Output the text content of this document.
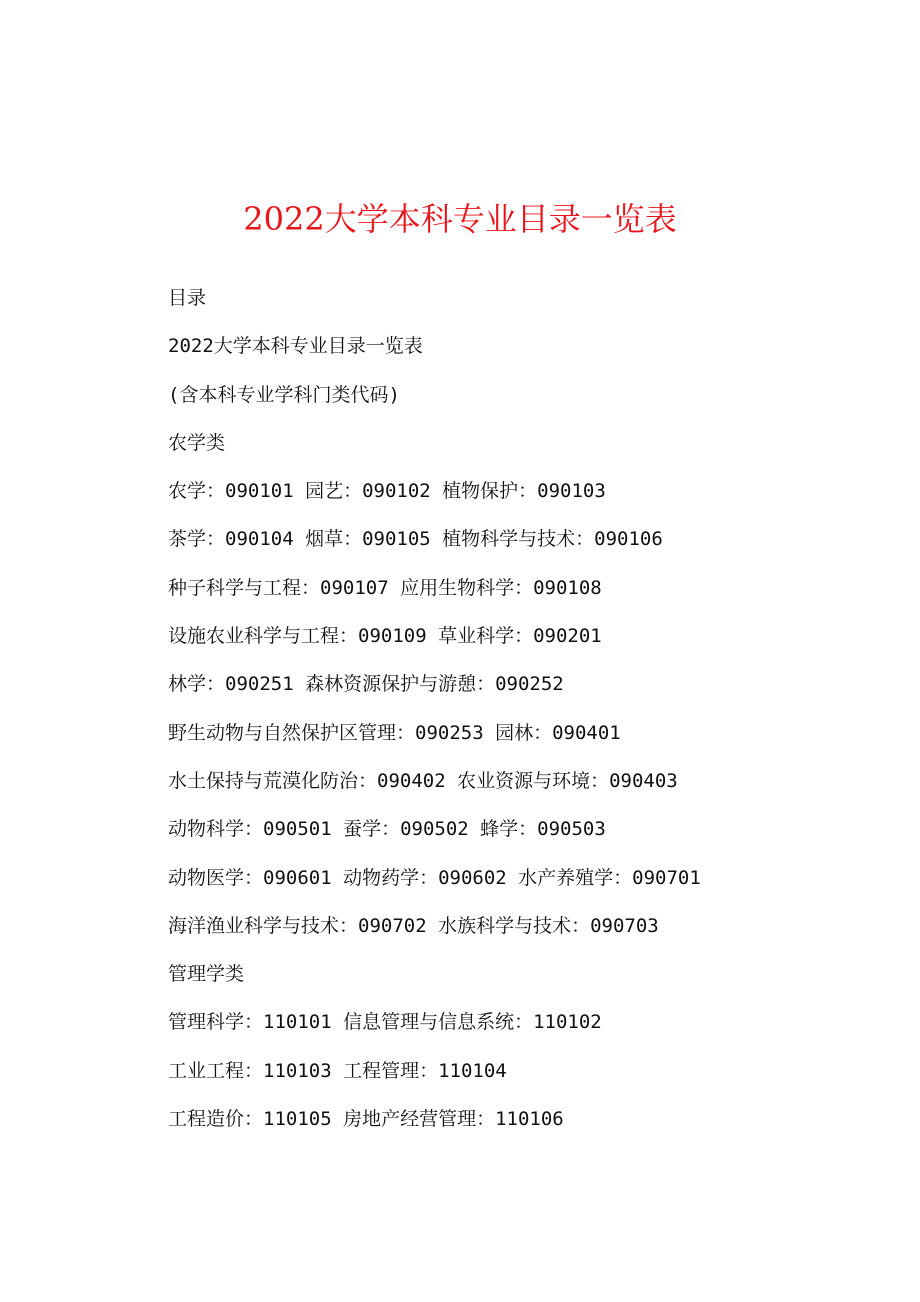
2022大学本科专业目录一览表
目录
2022大学本科专业目录一览表
(含本科专业学科门类代码)
农学类
农学：090101 园艺：090102 植物保护：090103
茶学：090104 烟草：090105 植物科学与技术：090106
种子科学与工程：090107 应用生物科学：090108
设施农业科学与工程：090109 草业科学：090201
林学：090251 森林资源保护与游憩：090252
野生动物与自然保护区管理：090253 园林：090401
水土保持与荒漠化防治：090402 农业资源与环境：090403
动物科学：090501 蚕学：090502 蜂学：090503
动物医学：090601 动物药学：090602 水产养殖学：090701
海洋渔业科学与技术：090702 水族科学与技术：090703
管理学类
管理科学：110101 信息管理与信息系统：110102
工业工程：110103 工程管理：110104
工程造价：110105 房地产经营管理：110106
